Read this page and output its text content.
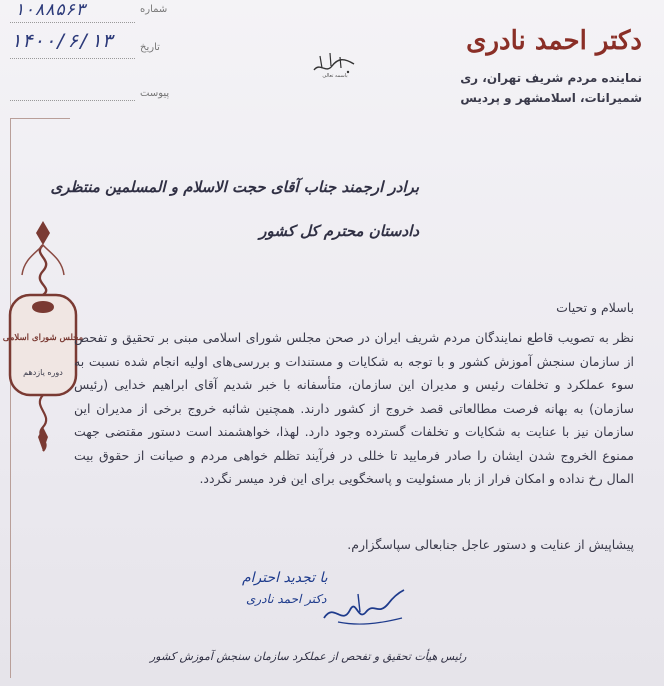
شماره
۱۰۸۸۵۶۳
تاریخ
۱۴۰۰/۶/۱۳
پیوست
باسمه تعالی
دکتر احمد نادری
نماینده مردم شریف تهران، ری
شمیرانات، اسلامشهر و پردیس
مجلس شورای اسلامی
دوره یازدهم
برادر ارجمند جناب آقای حجت الاسلام و المسلمین منتظری
دادستان محترم کل کشور
باسلام و تحیات
نظر به تصویب قاطع نمایندگان مردم شریف ایران در صحن مجلس شورای اسلامی مبنی بر تحقیق و تفحص از سازمان سنجش آموزش کشور و با توجه به شکایات و مستندات و بررسی‌های اولیه انجام شده نسبت به سوء عملکرد و تخلفات رئیس و مدیران این سازمان، متأسفانه با خبر شدیم آقای ابراهیم خدایی (رئیس سازمان) به بهانه فرصت مطالعاتی قصد خروج از کشور دارند. همچنین شائبه خروج برخی از مدیران این سازمان نیز با عنایت به شکایات و تخلفات گسترده وجود دارد. لهذا، خواهشمند است دستور مقتضی جهت ممنوع الخروج شدن ایشان را صادر فرمایید تا خللی در فرآیند تظلم خواهی مردم و صیانت از حقوق بیت المال رخ نداده و امکان فرار از بار مسئولیت و پاسخگویی برای این فرد میسر نگردد.
پیشاپیش از عنایت و دستور عاجل جنابعالی سپاسگزارم.
با تجدید احترام
دکتر احمد نادری
رئیس هیأت تحقیق و تفحص از عملکرد سازمان سنجش آموزش کشور
